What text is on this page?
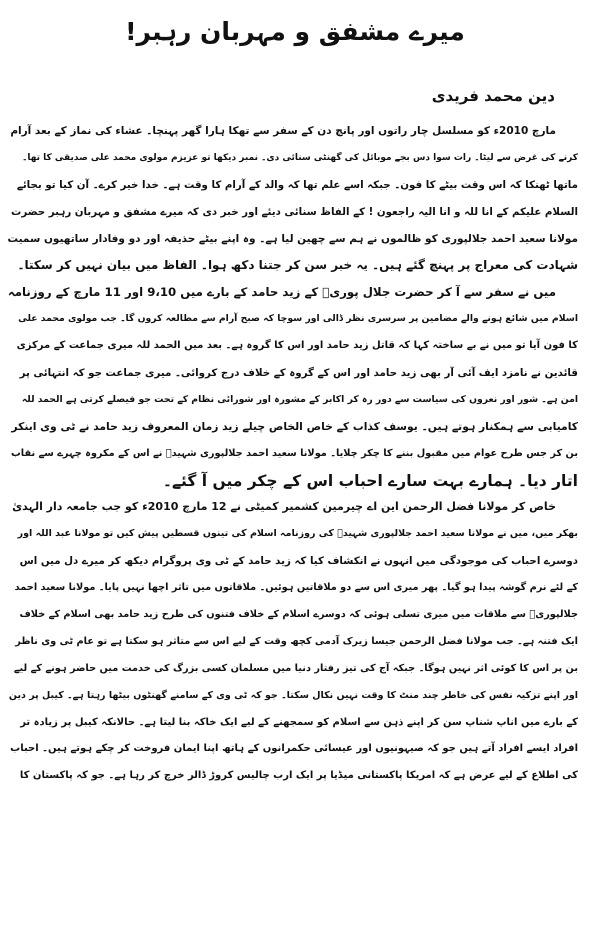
میرے مشفق و مہربان رہبر!
دین محمد فریدی
مارچ 2010ء کو مسلسل چار راتوں اور پانچ دن کے سفر سے تھکا ہارا گھر پہنچا۔ عشاء کی نماز کے بعد آرام
کرنے کی غرض سے لیٹا۔ رات سوا دس بجے موبائل کی گھنٹی سنائی دی۔ نمبر دیکھا تو عزیزم مولوی محمد علی صدیقی کا تھا۔
ماتھا ٹھنکا کہ اس وقت بیٹے کا فون۔ جبکہ اسے علم تھا کہ والد کے آرام کا وقت ہے۔ خدا خیر کرے۔ آن کیا تو بجائے
السلام علیکم کے انا للہ و انا الیہ راجعون ! کے الفاظ سنائی دیئے اور خبر دی کہ میرے مشفق و مہربان رہبر حضرت
مولانا سعید احمد جلالپوری کو ظالموں نے ہم سے چھین لیا ہے۔ وہ اپنے بیٹے حذیفہ اور دو وفادار ساتھیوں سمیت
شہادت کی معراج پر پہنچ گئے ہیں۔ یہ خبر سن کر جتنا دکھ ہوا۔ الفاظ میں بیان نہیں کر سکتا۔
میں نے سفر سے آ کر حضرت جلال پوریؒ کے زید حامد کے بارے میں 9،10 اور 11 مارچ کے روزنامہ
اسلام میں شائع ہونے والے مضامین پر سرسری نظر ڈالی اور سوچا کہ صبح آرام سے مطالعہ کروں گا۔ جب مولوی محمد علی
کا فون آیا تو میں نے بے ساختہ کہا کہ قاتل زید حامد اور اس کا گروہ ہے۔ بعد میں الحمد للہ میری جماعت کے مرکزی
قائدین نے نامزد ایف آئی آر بھی زید حامد اور اس کے گروہ کے خلاف درج کروائی۔ میری جماعت جو کہ انتہائی پر
امن ہے۔ شور اور نعروں کی سیاست سے دور رہ کر اکابر کے مشورہ اور شورائی نظام کے تحت جو فیصلے کرتی ہے الحمد للہ
کامیابی سے ہمکنار ہوتے ہیں۔ یوسف کذاب کے خاص الخاص چیلے زید زمان المعروف زید حامد نے ٹی وی اینکر
بن کر جس طرح عوام میں مقبول بننے کا چکر چلایا۔ مولانا سعید احمد جلالپوری شہیدؒ نے اس کے مکروہ چہرے سے نقاب
اتار دیا۔ ہمارے بہت سارے احباب اس کے چکر میں آ گئے۔
خاص کر مولانا فضل الرحمن این اے چیرمین کشمیر کمیٹی نے 12 مارچ 2010ء کو جب جامعہ دار الہدیٰ
بھکر میں، میں نے مولانا سعید احمد جلالپوری شہیدؒ کی روزنامہ اسلام کی تینوں قسطیں پیش کیں تو مولانا عبد اللہ اور
دوسرے احباب کی موجودگی میں انہوں نے انکشاف کیا کہ زید حامد کے ٹی وی پروگرام دیکھ کر میرے دل میں اس
کے لئے نرم گوشہ پیدا ہو گیا۔ پھر میری اس سے دو ملاقاتیں ہوئیں۔ ملاقاتوں میں تاثر اچھا نہیں پایا۔ مولانا سعید احمد
جلالپوریؒ سے ملاقات میں میری تسلی ہوئی کہ دوسرے اسلام کے خلاف فتنوں کی طرح زید حامد بھی اسلام کے خلاف
ایک فتنہ ہے۔ جب مولانا فضل الرحمن جیسا زیرک آدمی کچھ وقت کے لیے اس سے متاثر ہو سکتا ہے تو عام ٹی وی ناظر
بن پر اس کا کوئی اثر نہیں ہوگا۔ جبکہ آج کی تیز رفتار دنیا میں مسلمان کسی بزرگ کی خدمت میں حاضر ہونے کے لیے
اور اپنے تزکیہ نفس کی خاطر چند منٹ کا وقت نہیں نکال سکتا۔ جو کہ ٹی وی کے سامنے گھنٹوں بیٹھا رہتا ہے۔ کیبل پر دین
کے بارے میں اناپ شناپ سن کر اپنے ذہن سے اسلام کو سمجھنے کے لیے ایک خاکہ بنا لیتا ہے۔ حالانکہ کیبل پر زیادہ تر
افراد ایسے افراد آتے ہیں جو کہ صیہونیوں اور عیسائی حکمرانوں کے ہاتھ اپنا ایمان فروخت کر چکے ہوتے ہیں۔ احباب
کی اطلاع کے لیے عرض ہے کہ امریکا پاکستانی میڈیا پر ایک ارب چالیس کروڑ ڈالر خرچ کر رہا ہے۔ جو کہ پاکستان کا
